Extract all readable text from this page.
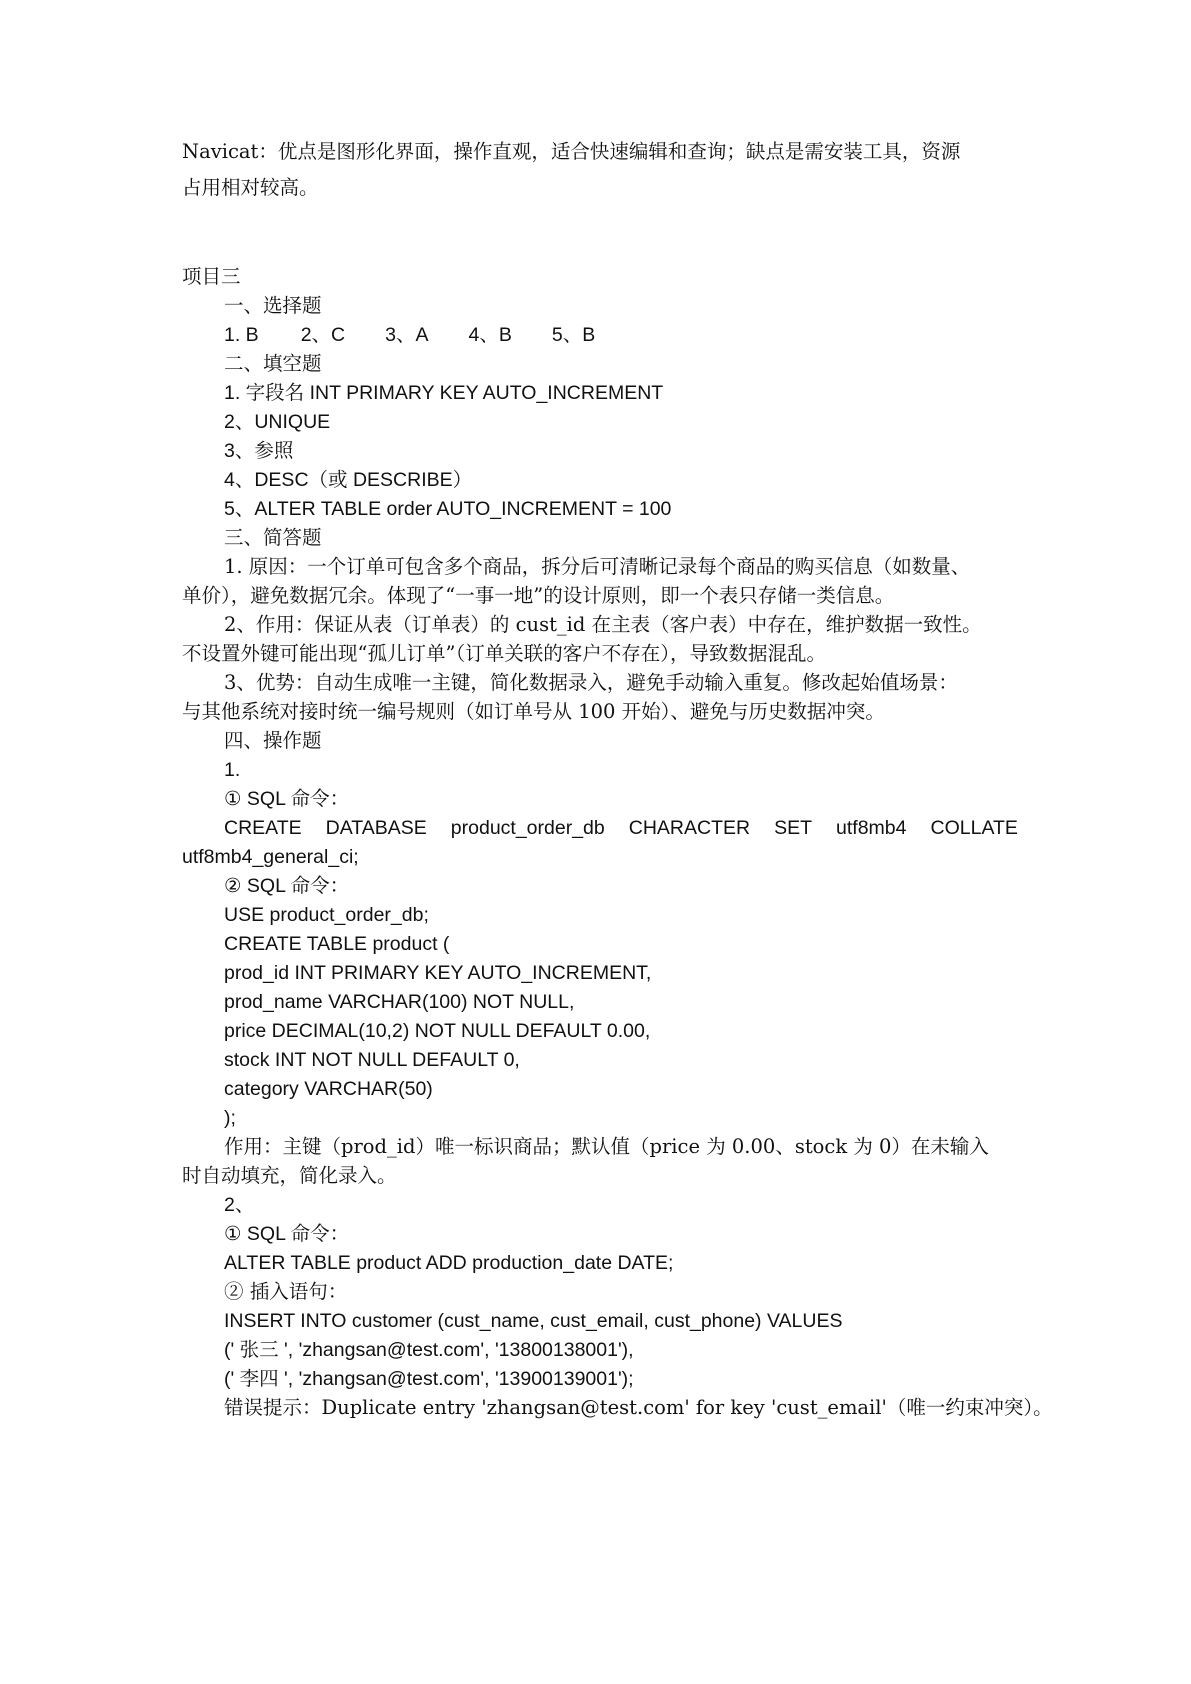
Navicat：优点是图形化界面，操作直观，适合快速编辑和查询；缺点是需安装工具，资源
占用相对较高。
项目三
一、选择题
1. B 2、C 3、A 4、B 5、B
二、填空题
1. 字段名 INT PRIMARY KEY AUTO_INCREMENT
2、UNIQUE
3、参照
4、DESC（或 DESCRIBE）
5、ALTER TABLE order AUTO_INCREMENT = 100
三、简答题
1. 原因：一个订单可包含多个商品，拆分后可清晰记录每个商品的购买信息（如数量、
单价），避免数据冗余。体现了“一事一地”的设计原则，即一个表只存储一类信息。
2、作用：保证从表（订单表）的 cust_id 在主表（客户表）中存在，维护数据一致性。
不设置外键可能出现“孤儿订单”（订单关联的客户不存在），导致数据混乱。
3、优势：自动生成唯一主键，简化数据录入，避免手动输入重复。修改起始值场景：
与其他系统对接时统一编号规则（如订单号从 100 开始）、避免与历史数据冲突。
四、操作题
1.
① SQL 命令：
CREATE DATABASE product_order_db CHARACTER SET utf8mb4 COLLATE
utf8mb4_general_ci;
② SQL 命令：
USE product_order_db;
CREATE TABLE product (
prod_id INT PRIMARY KEY AUTO_INCREMENT,
prod_name VARCHAR(100) NOT NULL,
price DECIMAL(10,2) NOT NULL DEFAULT 0.00,
stock INT NOT NULL DEFAULT 0,
category VARCHAR(50)
);
作用：主键（prod_id）唯一标识商品；默认值（price 为 0.00、stock 为 0）在未输入
时自动填充，简化录入。
2、
① SQL 命令：
ALTER TABLE product ADD production_date DATE;
② 插入语句：
INSERT INTO customer (cust_name, cust_email, cust_phone) VALUES
(' 张三 ', 'zhangsan@test.com', '13800138001'),
(' 李四 ', 'zhangsan@test.com', '13900139001');
错误提示：Duplicate entry 'zhangsan@test.com' for key 'cust_email'（唯一约束冲突）。
